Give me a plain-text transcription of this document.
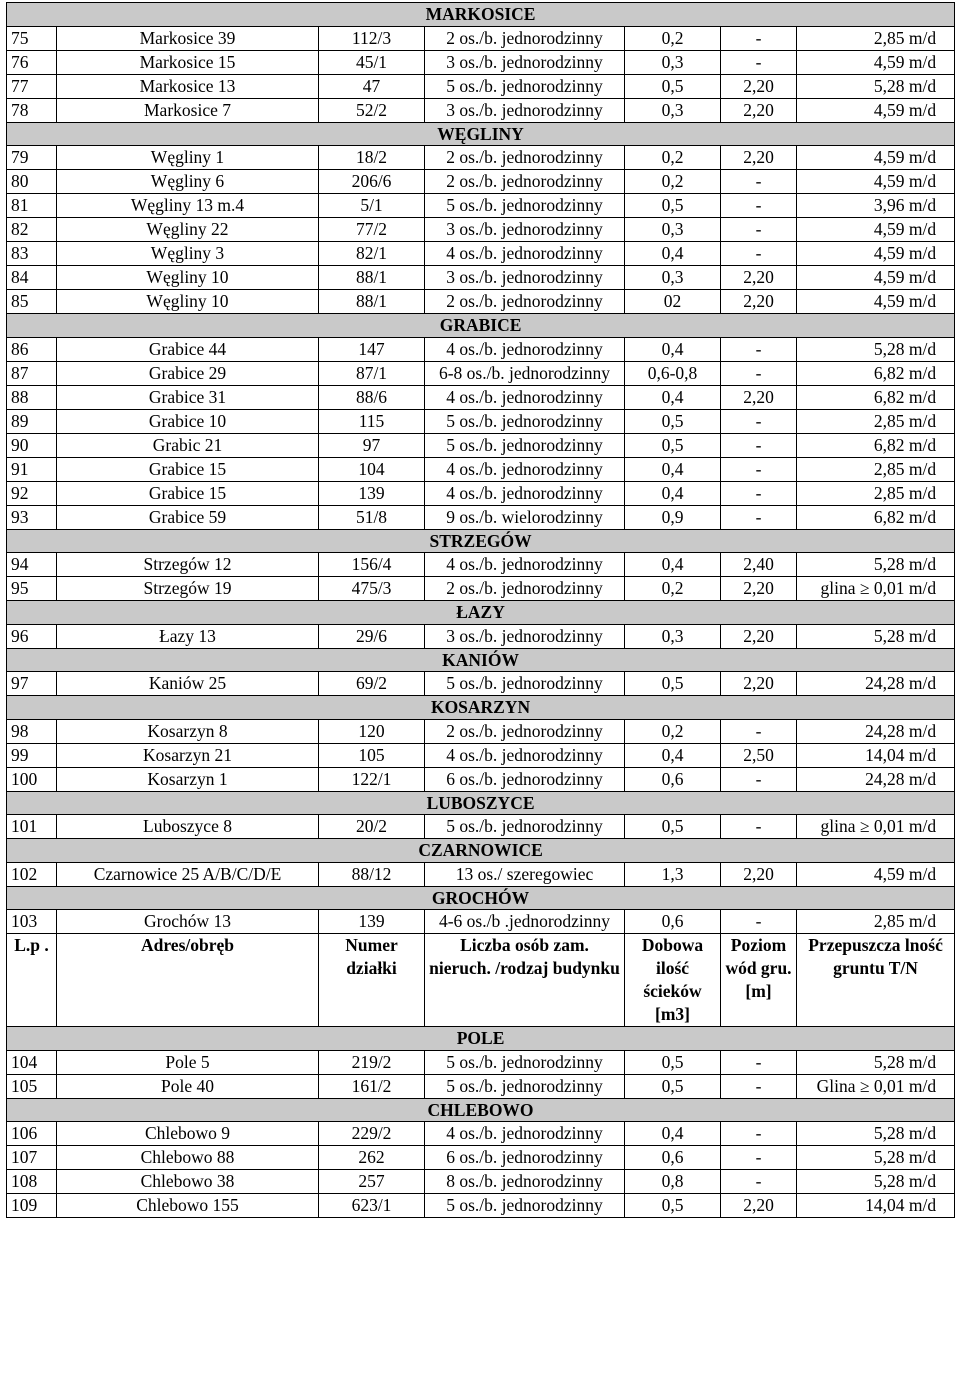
MARKOSICE						
75	Markosice 39	112/3	2 os./b. jednorodzinny	0,2	-	2,85 m/d
76	Markosice 15	45/1	3 os./b. jednorodzinny	0,3	-	4,59 m/d
77	Markosice 13	47	5 os./b. jednorodzinny	0,5	2,20	5,28 m/d
78	Markosice 7	52/2	3 os./b. jednorodzinny	0,3	2,20	4,59 m/d
WĘGLINY						
79	Węgliny 1	18/2	2 os./b. jednorodzinny	0,2	2,20	4,59 m/d
80	Węgliny 6	206/6	2 os./b. jednorodzinny	0,2	-	4,59 m/d
81	Węgliny 13 m.4	5/1	5 os./b. jednorodzinny	0,5	-	3,96 m/d
82	Węgliny 22	77/2	3 os./b. jednorodzinny	0,3	-	4,59 m/d
83	Węgliny 3	82/1	4 os./b. jednorodzinny	0,4	-	4,59 m/d
84	Węgliny 10	88/1	3 os./b. jednorodzinny	0,3	2,20	4,59 m/d
85	Węgliny 10	88/1	2 os./b. jednorodzinny	02	2,20	4,59 m/d
GRABICE						
86	Grabice 44	147	4 os./b. jednorodzinny	0,4	-	5,28 m/d
87	Grabice 29	87/1	6-8 os./b. jednorodzinny	0,6-0,8	-	6,82 m/d
88	Grabice 31	88/6	4 os./b. jednorodzinny	0,4	2,20	6,82 m/d
89	Grabice 10	115	5 os./b. jednorodzinny	0,5	-	2,85 m/d
90	Grabic 21	97	5 os./b. jednorodzinny	0,5	-	6,82 m/d
91	Grabice 15	104	4 os./b. jednorodzinny	0,4	-	2,85 m/d
92	Grabice 15	139	4 os./b. jednorodzinny	0,4	-	2,85 m/d
93	Grabice 59	51/8	9 os./b. wielorodzinny	0,9	-	6,82 m/d
STRZEGÓW						
94	Strzegów 12	156/4	4 os./b. jednorodzinny	0,4	2,40	5,28 m/d
95	Strzegów 19	475/3	2 os./b. jednorodzinny	0,2	2,20	glina ≥ 0,01 m/d
ŁAZY						
96	Łazy 13	29/6	3 os./b. jednorodzinny	0,3	2,20	5,28 m/d
KANIÓW						
97	Kaniów 25	69/2	5 os./b. jednorodzinny	0,5	2,20	24,28 m/d
KOSARZYN						
98	Kosarzyn 8	120	2 os./b. jednorodzinny	0,2	-	24,28 m/d
99	Kosarzyn 21	105	4 os./b. jednorodzinny	0,4	2,50	14,04 m/d
100	Kosarzyn 1	122/1	6 os./b. jednorodzinny	0,6	-	24,28 m/d
LUBOSZYCE						
101	Luboszyce 8	20/2	5 os./b. jednorodzinny	0,5	-	glina ≥ 0,01 m/d
CZARNOWICE						
102	Czarnowice 25 A/B/C/D/E	88/12	13 os./ szeregowiec	1,3	2,20	4,59 m/d
GROCHÓW						
103	Grochów 13	139	4-6 os./b .jednorodzinny	0,6	-	2,85 m/d
L.p .	Adres/obręb	Numer działki	Liczba osób zam. nieruch. /rodzaj budynku	Dobowa ilość ścieków [m3]	Poziom wód gru. [m]	Przepuszcza lność gruntu T/N
POLE						
104	Pole 5	219/2	5 os./b. jednorodzinny	0,5	-	5,28 m/d
105	Pole 40	161/2	5 os./b. jednorodzinny	0,5	-	Glina ≥ 0,01 m/d
CHLEBOWO						
106	Chlebowo 9	229/2	4 os./b. jednorodzinny	0,4	-	5,28 m/d
107	Chlebowo 88	262	6 os./b. jednorodzinny	0,6	-	5,28 m/d
108	Chlebowo 38	257	8 os./b. jednorodzinny	0,8	-	5,28 m/d
109	Chlebowo 155	623/1	5 os./b. jednorodzinny	0,5	2,20	14,04 m/d
